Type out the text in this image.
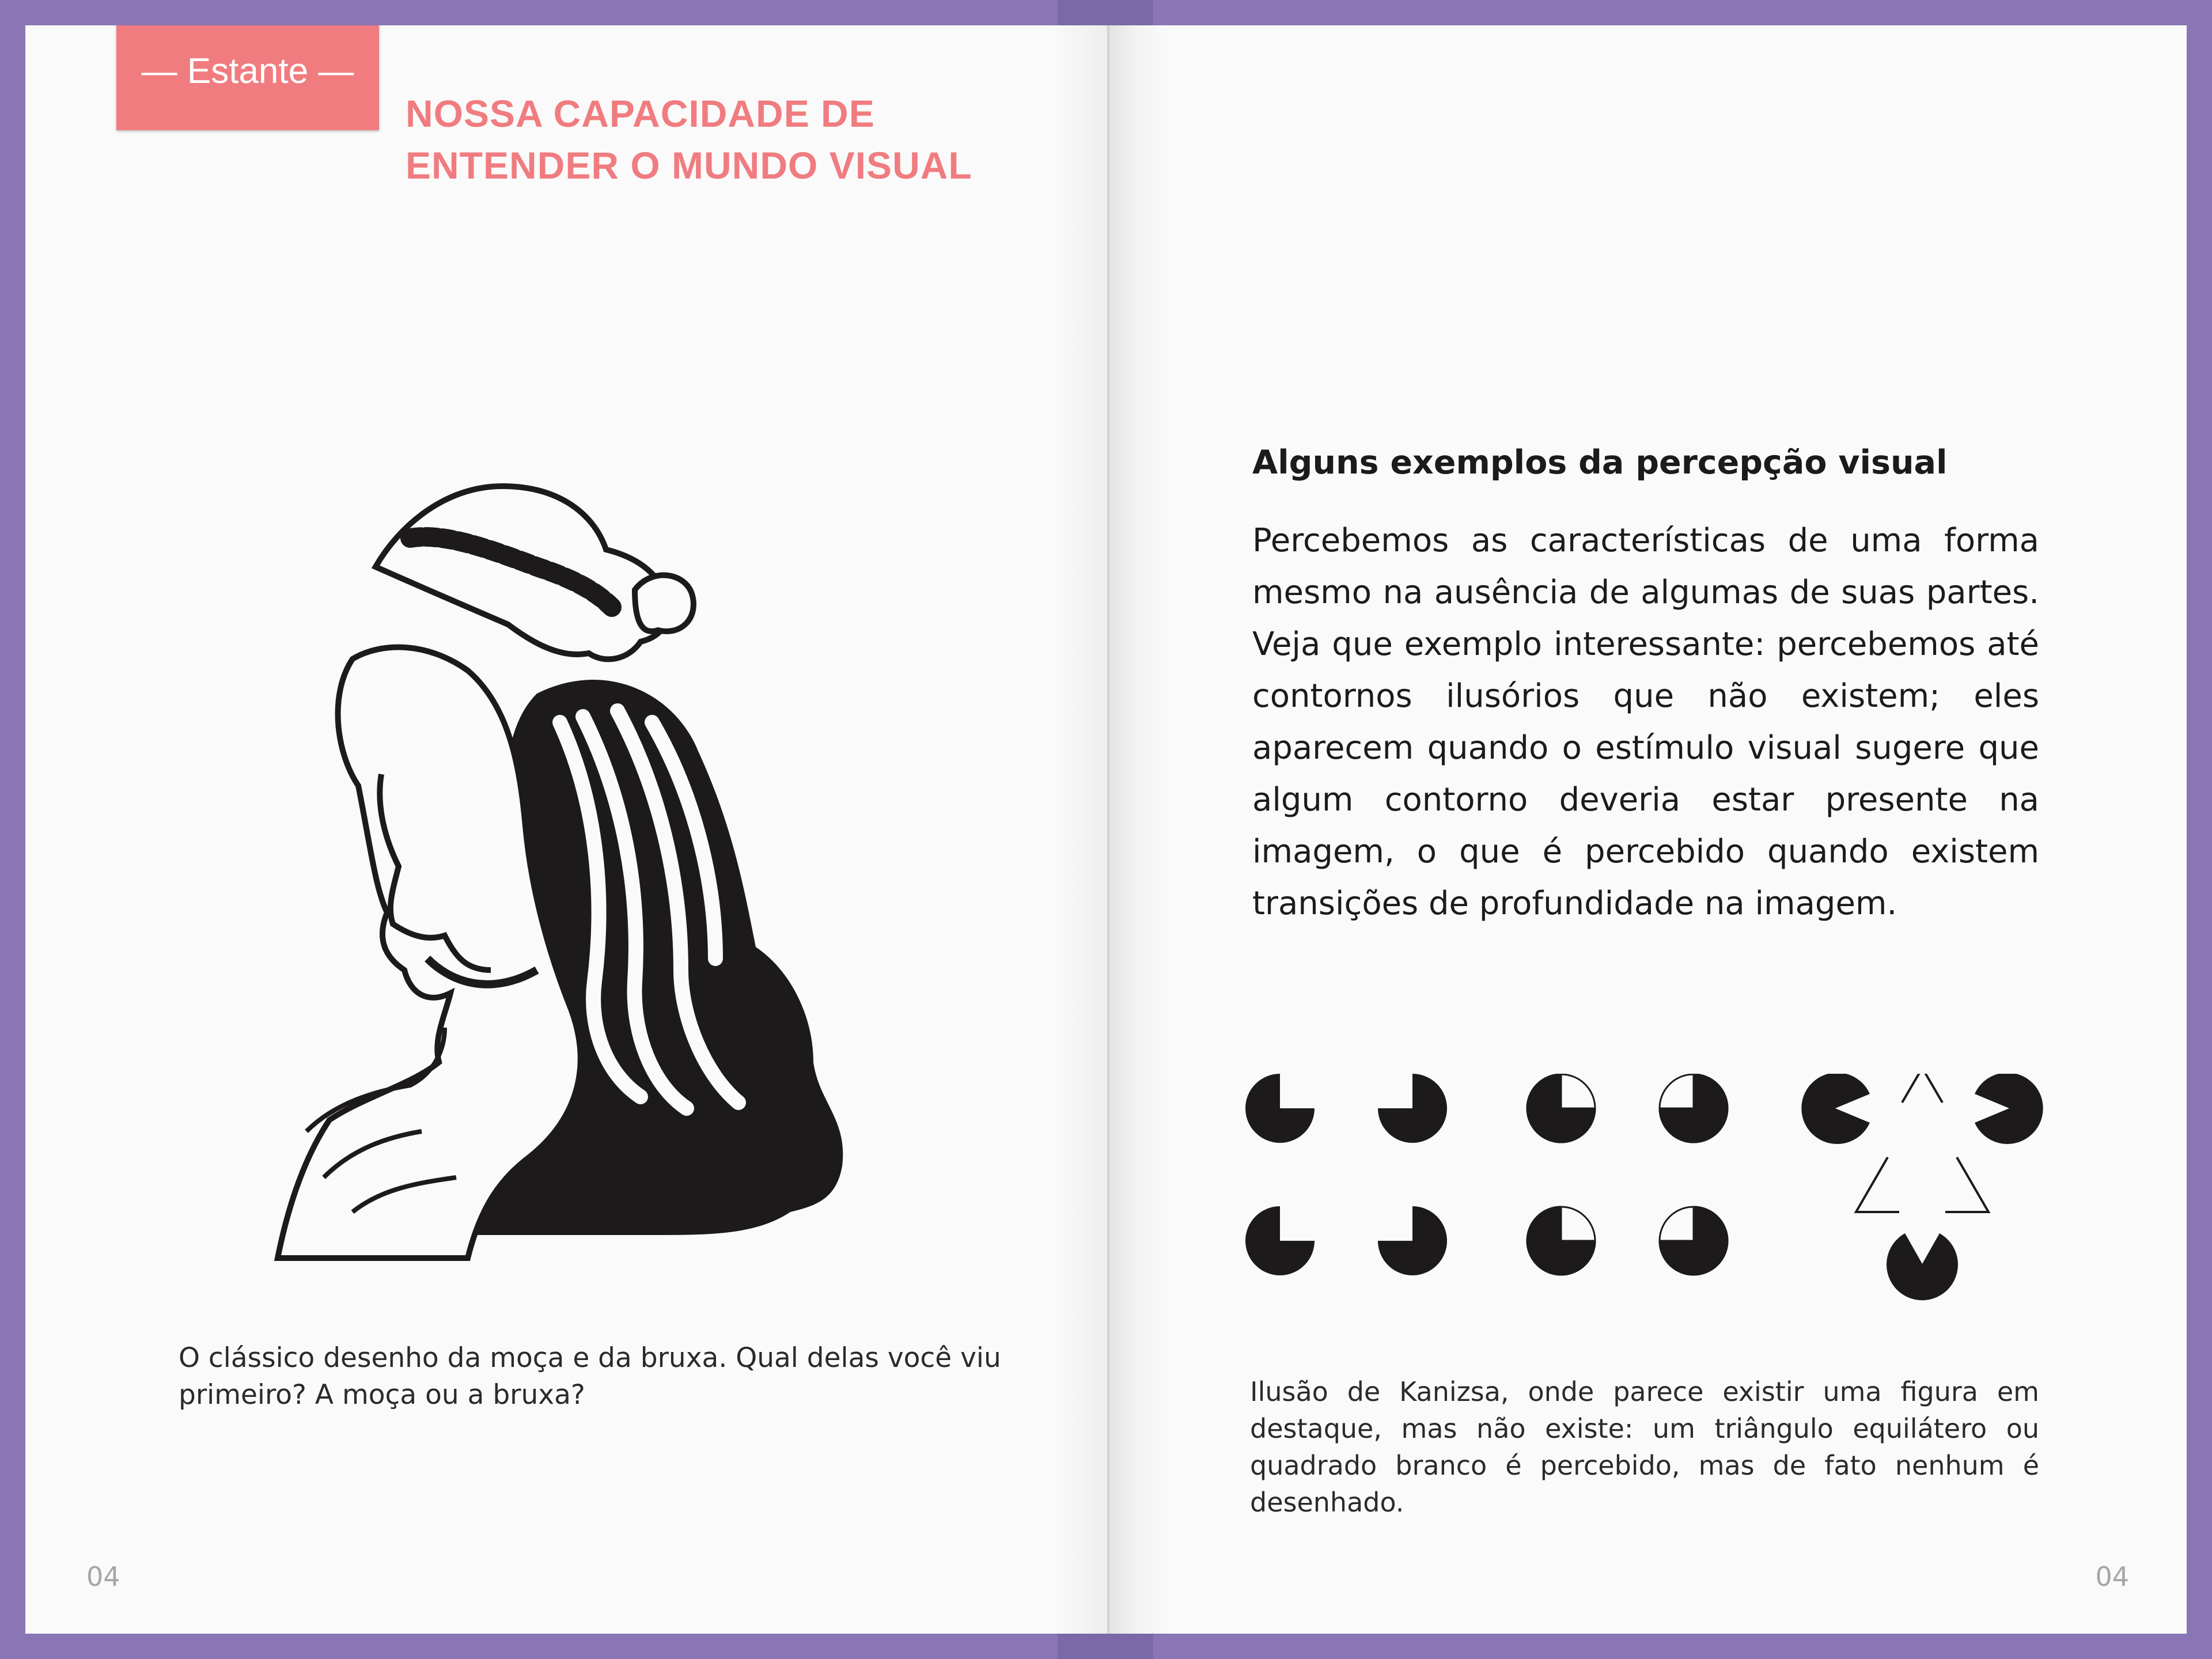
— Estante —
NOSSA CAPACIDADE DE ENTENDER O MUNDO VISUAL
O clássico desenho da moça e da bruxa. Qual delas você viu primeiro? A moça ou a bruxa?
04
Alguns exemplos da percepção visual
Percebemos as características de uma forma mesmo na ausência de algumas de suas partes. Veja que exemplo interessante: percebemos até contornos ilusórios que não existem; eles aparecem quando o estímulo visual sugere que algum contorno deveria estar presente na imagem, o que é percebido quando existem transições de profundidade na imagem.
Ilusão de Kanizsa, onde parece existir uma figura em destaque, mas não existe: um triângulo equilátero ou quadrado branco é percebido, mas de fato nenhum é desenhado.
04
